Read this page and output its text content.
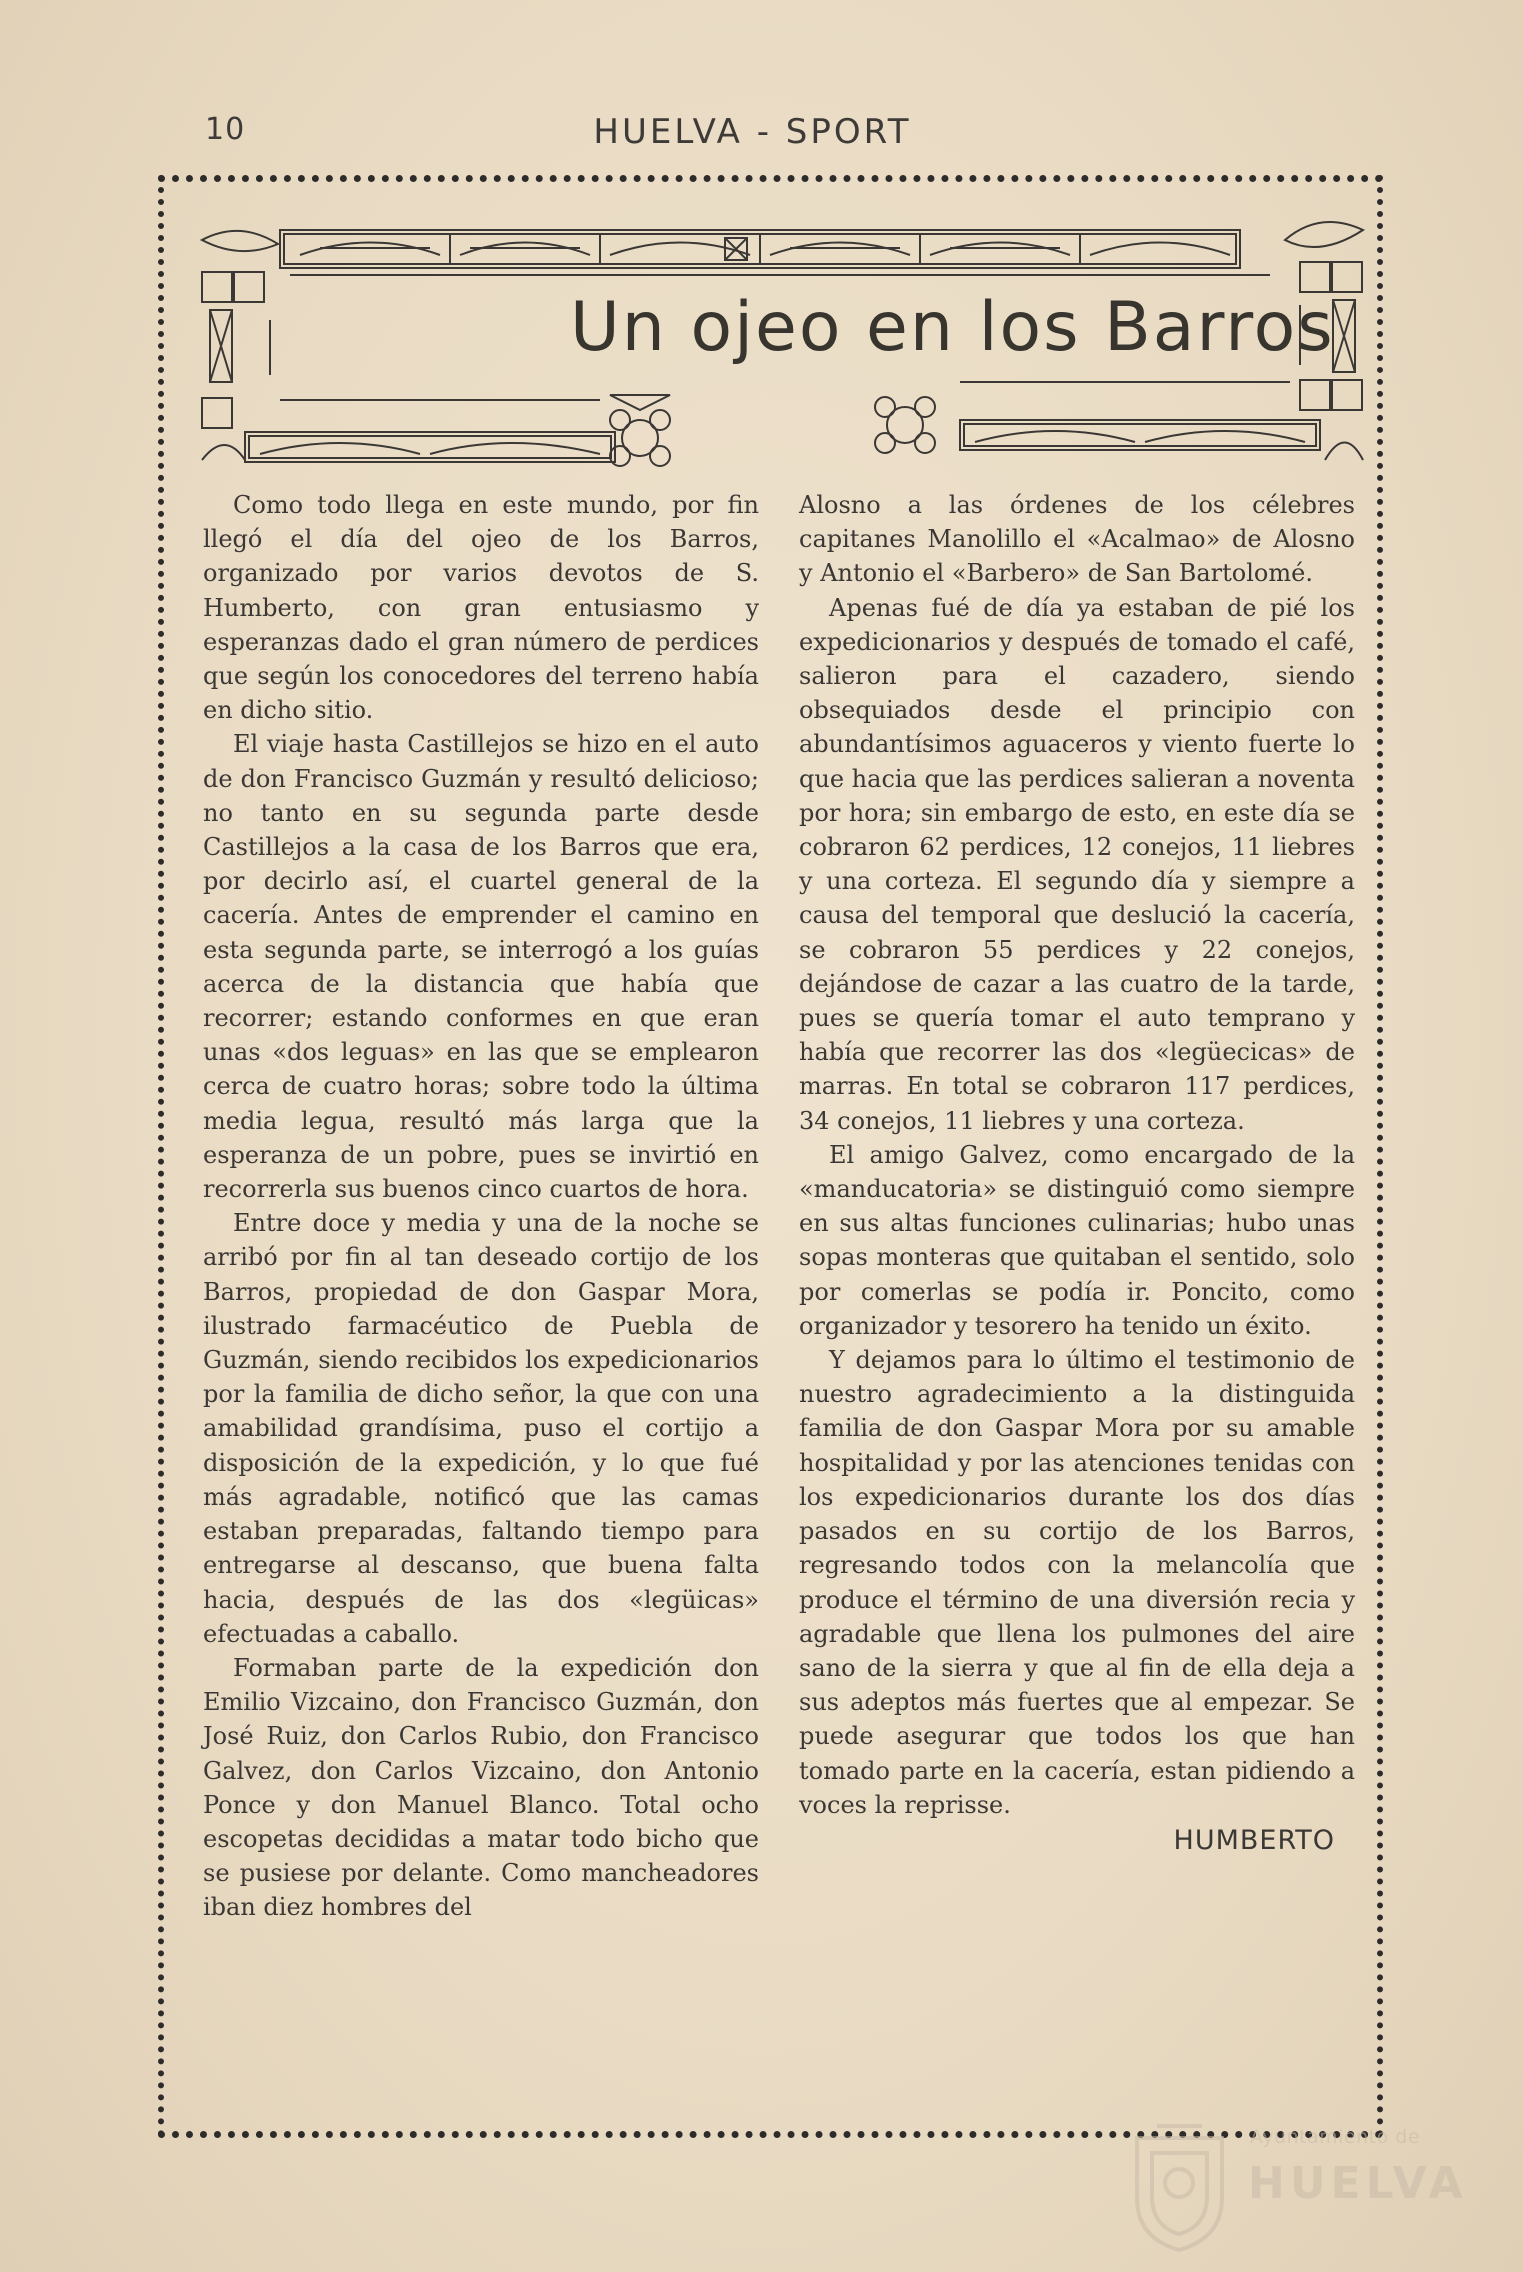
10	HUELVA - SPORT
Un ojeo en los Barros

Como todo llega en este mundo, por fin llegó el día del ojeo de los Barros, organizado por varios devotos de S. Humberto, con gran entusiasmo y esperanzas dado el gran número de perdices que según los conocedores del terreno había en dicho sitio.

El viaje hasta Castillejos se hizo en el auto de don Francisco Guzmán y resultó delicioso; no tanto en su segunda parte desde Castillejos a la casa de los Barros que era, por decirlo así, el cuartel general de la cacería. Antes de emprender el camino en esta segunda parte, se interrogó a los guías acerca de la distancia que había que recorrer; estando conformes en que eran unas «dos leguas» en las que se emplearon cerca de cuatro horas; sobre todo la última media legua, resultó más larga que la esperanza de un pobre, pues se invirtió en recorrerla sus buenos cinco cuartos de hora.

Entre doce y media y una de la noche se arribó por fin al tan deseado cortijo de los Barros, propiedad de don Gaspar Mora, ilustrado farmacéutico de Puebla de Guzmán, siendo recibidos los expedicionarios por la familia de dicho señor, la que con una amabilidad grandísima, puso el cortijo a disposición de la expedición, y lo que fué más agradable, notificó que las camas estaban preparadas, faltando tiempo para entregarse al descanso, que buena falta hacia, después de las dos «legüicas» efectuadas a caballo.

Formaban parte de la expedición don Emilio Vizcaino, don Francisco Guzmán, don José Ruiz, don Carlos Rubio, don Francisco Galvez, don Carlos Vizcaino, don Antonio Ponce y don Manuel Blanco. Total ocho escopetas decididas a matar todo bicho que se pusiese por delante. Como mancheadores iban diez hombres del

Alosno a las órdenes de los célebres capitanes Manolillo el «Acalmao» de Alosno y Antonio el «Barbero» de San Bartolomé.

Apenas fué de día ya estaban de pié los expedicionarios y después de tomado el café, salieron para el cazadero, siendo obsequiados desde el principio con abundantísimos aguaceros y viento fuerte lo que hacia que las perdices salieran a noventa por hora; sin embargo de esto, en este día se cobraron 62 perdices, 12 conejos, 11 liebres y una corteza. El segundo día y siempre a causa del temporal que deslució la cacería, se cobraron 55 perdices y 22 conejos, dejándose de cazar a las cuatro de la tarde, pues se quería tomar el auto temprano y había que recorrer las dos «legüecicas» de marras. En total se cobraron 117 perdices, 34 conejos, 11 liebres y una corteza.

El amigo Galvez, como encargado de la «manducatoria» se distinguió como siempre en sus altas funciones culinarias; hubo unas sopas monteras que quitaban el sentido, solo por comerlas se podía ir. Poncito, como organizador y tesorero ha tenido un éxito.

Y dejamos para lo último el testimonio de nuestro agradecimiento a la distinguida familia de don Gaspar Mora por su amable hospitalidad y por las atenciones tenidas con los expedicionarios durante los dos días pasados en su cortijo de los Barros, regresando todos con la melancolía que produce el término de una diversión recia y agradable que llena los pulmones del aire sano de la sierra y que al fin de ella deja a sus adeptos más fuertes que al empezar. Se puede asegurar que todos los que han tomado parte en la cacería, estan pidiendo a voces la reprisse.

HUMBERTO
Ayuntamiento de
HUELVA
